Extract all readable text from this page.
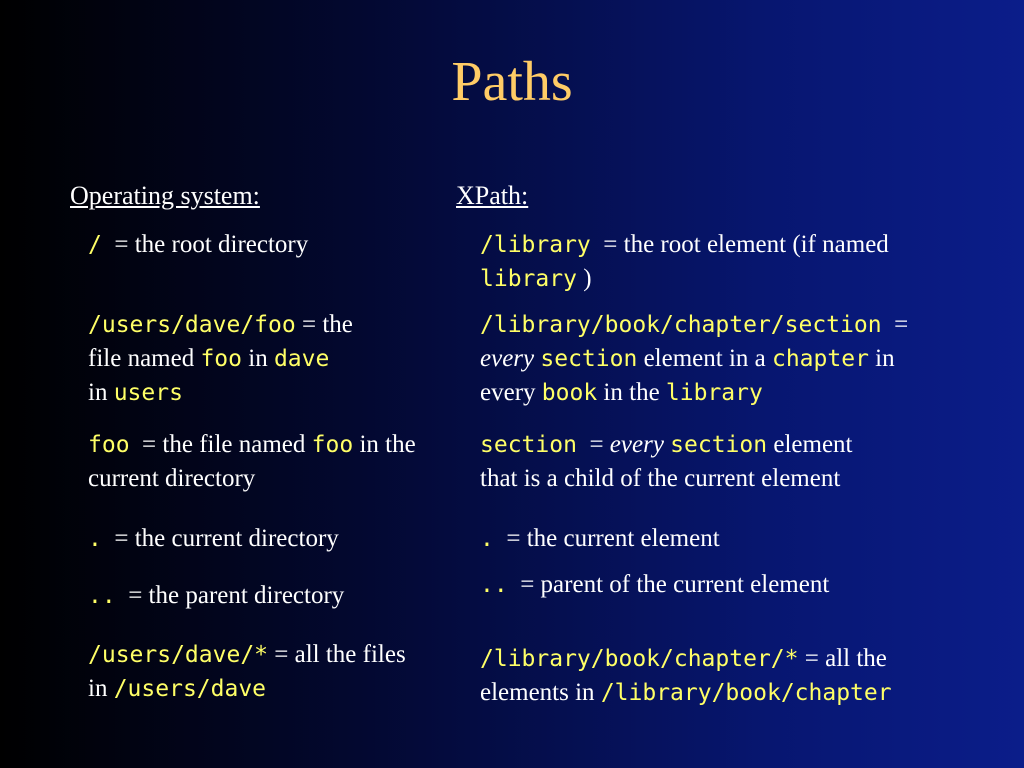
Paths
Operating system:	XPath:
/ = the root directory
/users/dave/foo = the
file named foo in dave
in users
foo = the file named foo in the
current directory
. = the current directory
.. = the parent directory
/users/dave/* = all the files
in /users/dave
/library = the root element (if named
library )
/library/book/chapter/section =
every section element in a chapter in
every book in the library
section = every section element
that is a child of the current element
. = the current element
.. = parent of the current element
/library/book/chapter/* = all the
elements in /library/book/chapter
